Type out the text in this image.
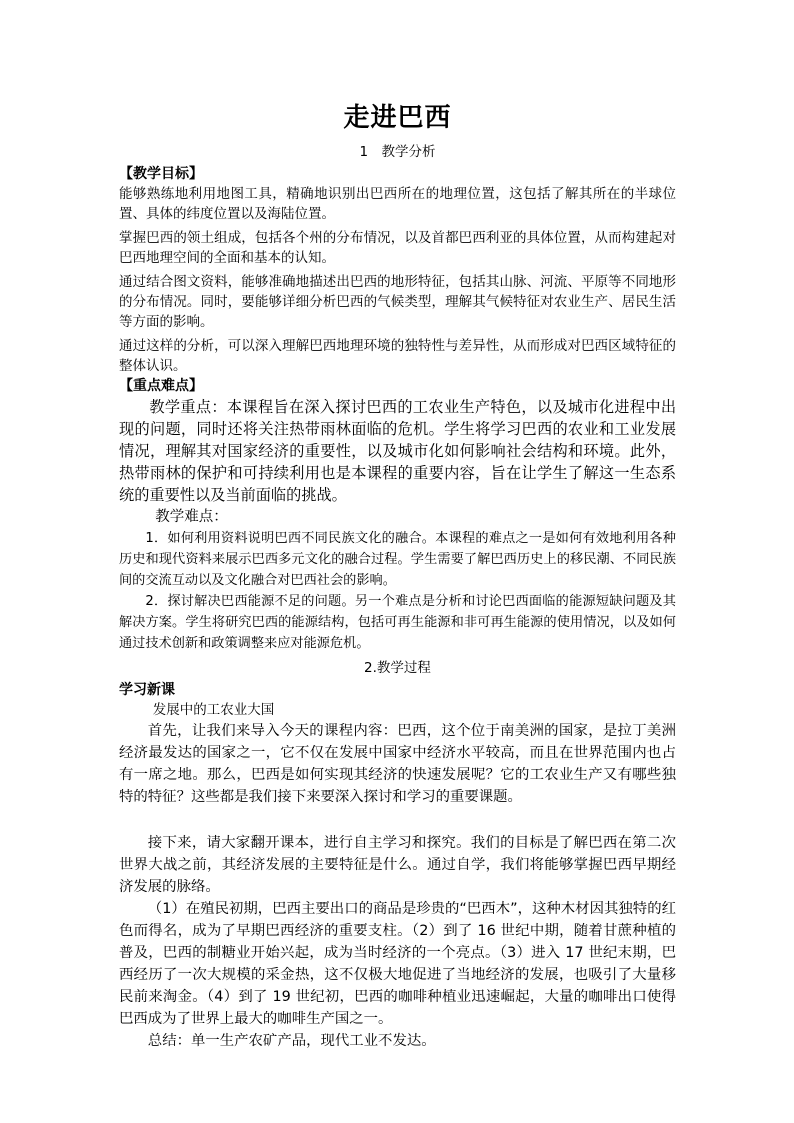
走进巴西
1　教学分析
【教学目标】

能够熟练地利用地图工具，精确地识别出巴西所在的地理位置，这包括了解其所在的半球位置、具体的纬度位置以及海陆位置。

掌握巴西的领土组成，包括各个州的分布情况，以及首都巴西利亚的具体位置，从而构建起对巴西地理空间的全面和基本的认知。

通过结合图文资料，能够准确地描述出巴西的地形特征，包括其山脉、河流、平原等不同地形的分布情况。同时，要能够详细分析巴西的气候类型，理解其气候特征对农业生产、居民生活等方面的影响。

通过这样的分析，可以深入理解巴西地理环境的独特性与差异性，从而形成对巴西区域特征的整体认识。

【重点难点】

教学重点：本课程旨在深入探讨巴西的工农业生产特色，以及城市化进程中出现的问题，同时还将关注热带雨林面临的危机。学生将学习巴西的农业和工业发展情况，理解其对国家经济的重要性，以及城市化如何影响社会结构和环境。此外，热带雨林的保护和可持续利用也是本课程的重要内容，旨在让学生了解这一生态系统的重要性以及当前面临的挑战。

教学难点：

1．如何利用资料说明巴西不同民族文化的融合。本课程的难点之一是如何有效地利用各种历史和现代资料来展示巴西多元文化的融合过程。学生需要了解巴西历史上的移民潮、不同民族间的交流互动以及文化融合对巴西社会的影响。

2．探讨解决巴西能源不足的问题。另一个难点是分析和讨论巴西面临的能源短缺问题及其解决方案。学生将研究巴西的能源结构，包括可再生能源和非可再生能源的使用情况，以及如何通过技术创新和政策调整来应对能源危机。

2.教学过程
学习新课

发展中的工农业大国

首先，让我们来导入今天的课程内容：巴西，这个位于南美洲的国家，是拉丁美洲经济最发达的国家之一，它不仅在发展中国家中经济水平较高，而且在世界范围内也占有一席之地。那么，巴西是如何实现其经济的快速发展呢？它的工农业生产又有哪些独特的特征？这些都是我们接下来要深入探讨和学习的重要课题。

接下来，请大家翻开课本，进行自主学习和探究。我们的目标是了解巴西在第二次世界大战之前，其经济发展的主要特征是什么。通过自学，我们将能够掌握巴西早期经济发展的脉络。

（1）在殖民初期，巴西主要出口的商品是珍贵的“巴西木”，这种木材因其独特的红色而得名，成为了早期巴西经济的重要支柱。（2）到了 16 世纪中期，随着甘蔗种植的普及，巴西的制糖业开始兴起，成为当时经济的一个亮点。（3）进入 17 世纪末期，巴西经历了一次大规模的采金热，这不仅极大地促进了当地经济的发展，也吸引了大量移民前来淘金。（4）到了 19 世纪初，巴西的咖啡种植业迅速崛起，大量的咖啡出口使得巴西成为了世界上最大的咖啡生产国之一。

总结：单一生产农矿产品，现代工业不发达。
